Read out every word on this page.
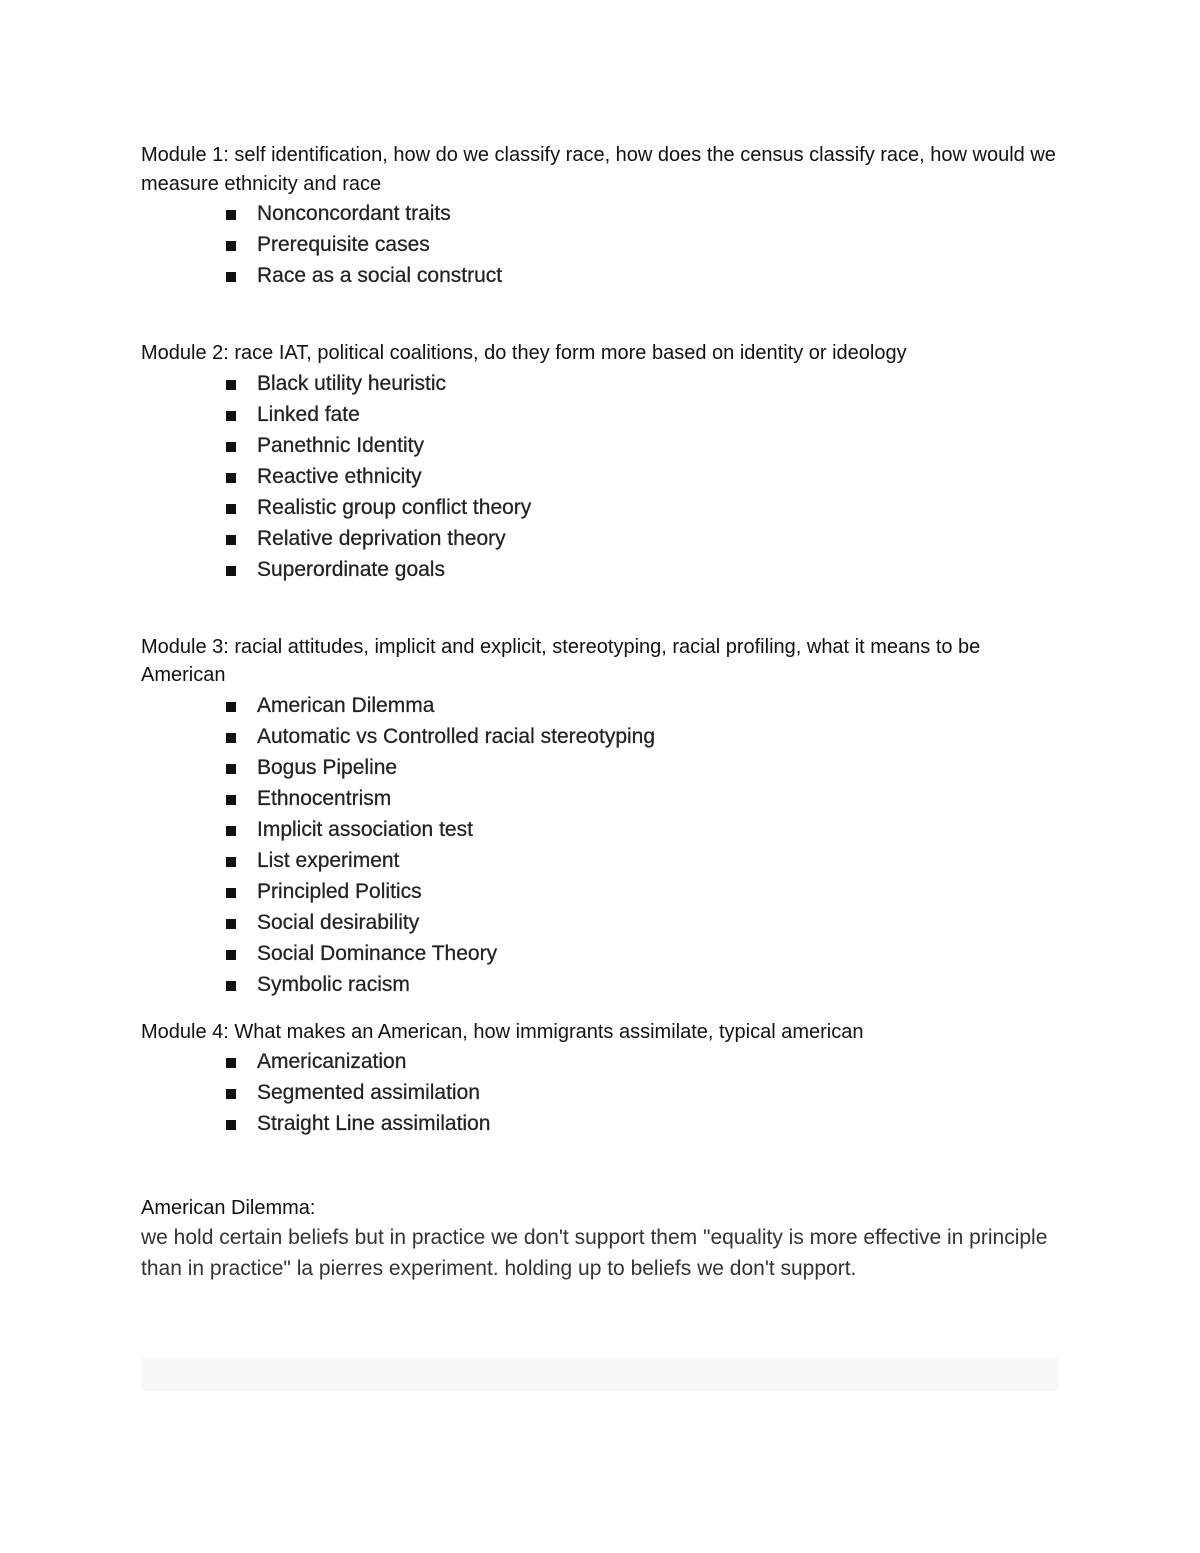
Module 1: self identification, how do we classify race, how does the census classify race, how would we measure ethnicity and race

Nonconcordant traits
Prerequisite cases
Race as a social construct

Module 2: race IAT, political coalitions, do they form more based on identity or ideology

Black utility heuristic
Linked fate
Panethnic Identity
Reactive ethnicity
Realistic group conflict theory
Relative deprivation theory
Superordinate goals

Module 3: racial attitudes, implicit and explicit, stereotyping, racial profiling, what it means to be American

American Dilemma
Automatic vs Controlled racial stereotyping
Bogus Pipeline
Ethnocentrism
Implicit association test
List experiment
Principled Politics
Social desirability
Social Dominance Theory
Symbolic racism

Module 4: What makes an American, how immigrants assimilate, typical american

Americanization
Segmented assimilation
Straight Line assimilation

American Dilemma:

we hold certain beliefs but in practice we don't support them "equality is more effective in principle than in practice" la pierres experiment. holding up to beliefs we don't support.
